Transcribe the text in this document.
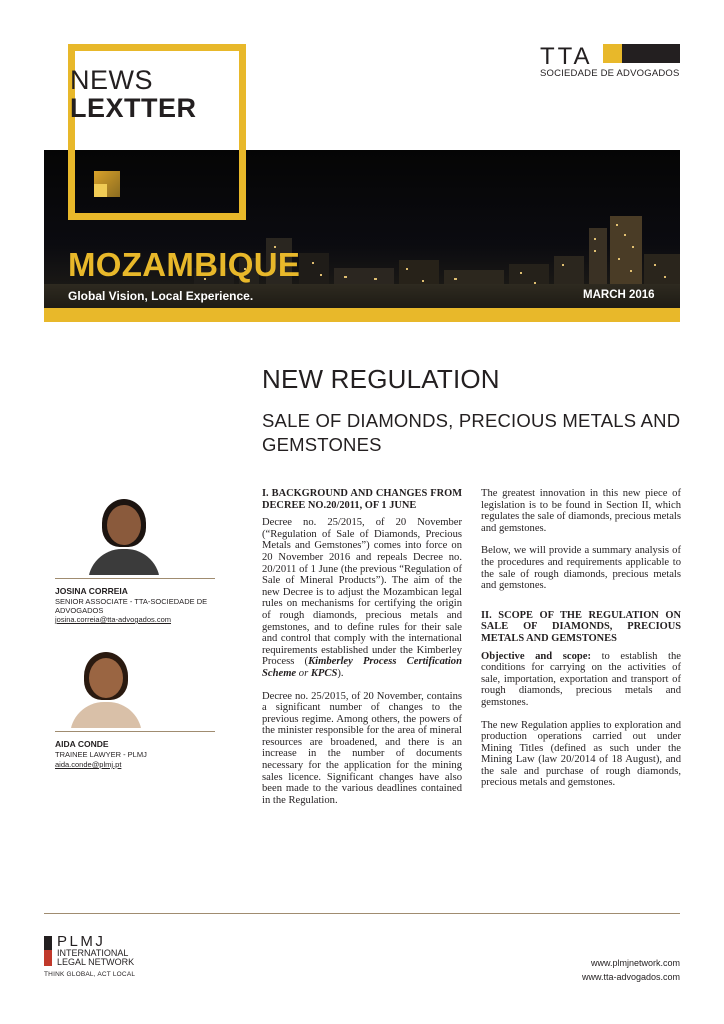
NEWS
LEXTTER
TTA
SOCIEDADE DE ADVOGADOS
MOZAMBIQUE
Global Vision, Local Experience.	MARCH 2016
NEW REGULATION
SALE OF DIAMONDS, PRECIOUS METALS AND GEMSTONES
JOSINA CORREIA
SENIOR ASSOCIATE - TTA-SOCIEDADE DE ADVOGADOS
josina.correia@tta-advogados.com
AIDA CONDE
TRAINEE LAWYER - PLMJ
aida.conde@plmj.pt
I. BACKGROUND AND CHANGES FROM DECREE NO.20/2011, OF 1 JUNE

Decree no. 25/2015, of 20 November (“Regulation of Sale of Diamonds, Precious Metals and Gemstones”) comes into force on 20 November 2016 and repeals Decree no. 20/2011 of 1 June (the previous “Regulation of Sale of Mineral Products”). The aim of the new Decree is to adjust the Mozambican legal rules on mechanisms for certifying the origin of rough diamonds, precious metals and gemstones, and to define rules for their sale and control that comply with the international requirements established under the Kimberley Process (Kimberley Process Certification Scheme or KPCS).

Decree no. 25/2015, of 20 November, contains a significant number of changes to the previous regime. Among others, the powers of the minister responsible for the area of mineral resources are broadened, and there is an increase in the number of documents necessary for the application for the mining sales licence. Significant changes have also been made to the various deadlines contained in the Regulation.

The greatest innovation in this new piece of legislation is to be found in Section II, which regulates the sale of diamonds, precious metals and gemstones.

Below, we will provide a summary analysis of the procedures and requirements applicable to the sale of rough diamonds, precious metals and gemstones.

II. SCOPE OF THE REGULATION ON SALE OF DIAMONDS, PRECIOUS METALS AND GEMSTONES

Objective and scope: to establish the conditions for carrying on the activities of sale, importation, exportation and transport of rough diamonds, precious metals and gemstones.

The new Regulation applies to exploration and production operations carried out under Mining Titles (defined as such under the Mining Law (law 20/2014 of 18 August), and the sale and purchase of rough diamonds, precious metals and gemstones.

PLMJ
INTERNATIONAL LEGAL NETWORK
THINK GLOBAL, ACT LOCAL
www.plmjnetwork.com
www.tta-advogados.com
